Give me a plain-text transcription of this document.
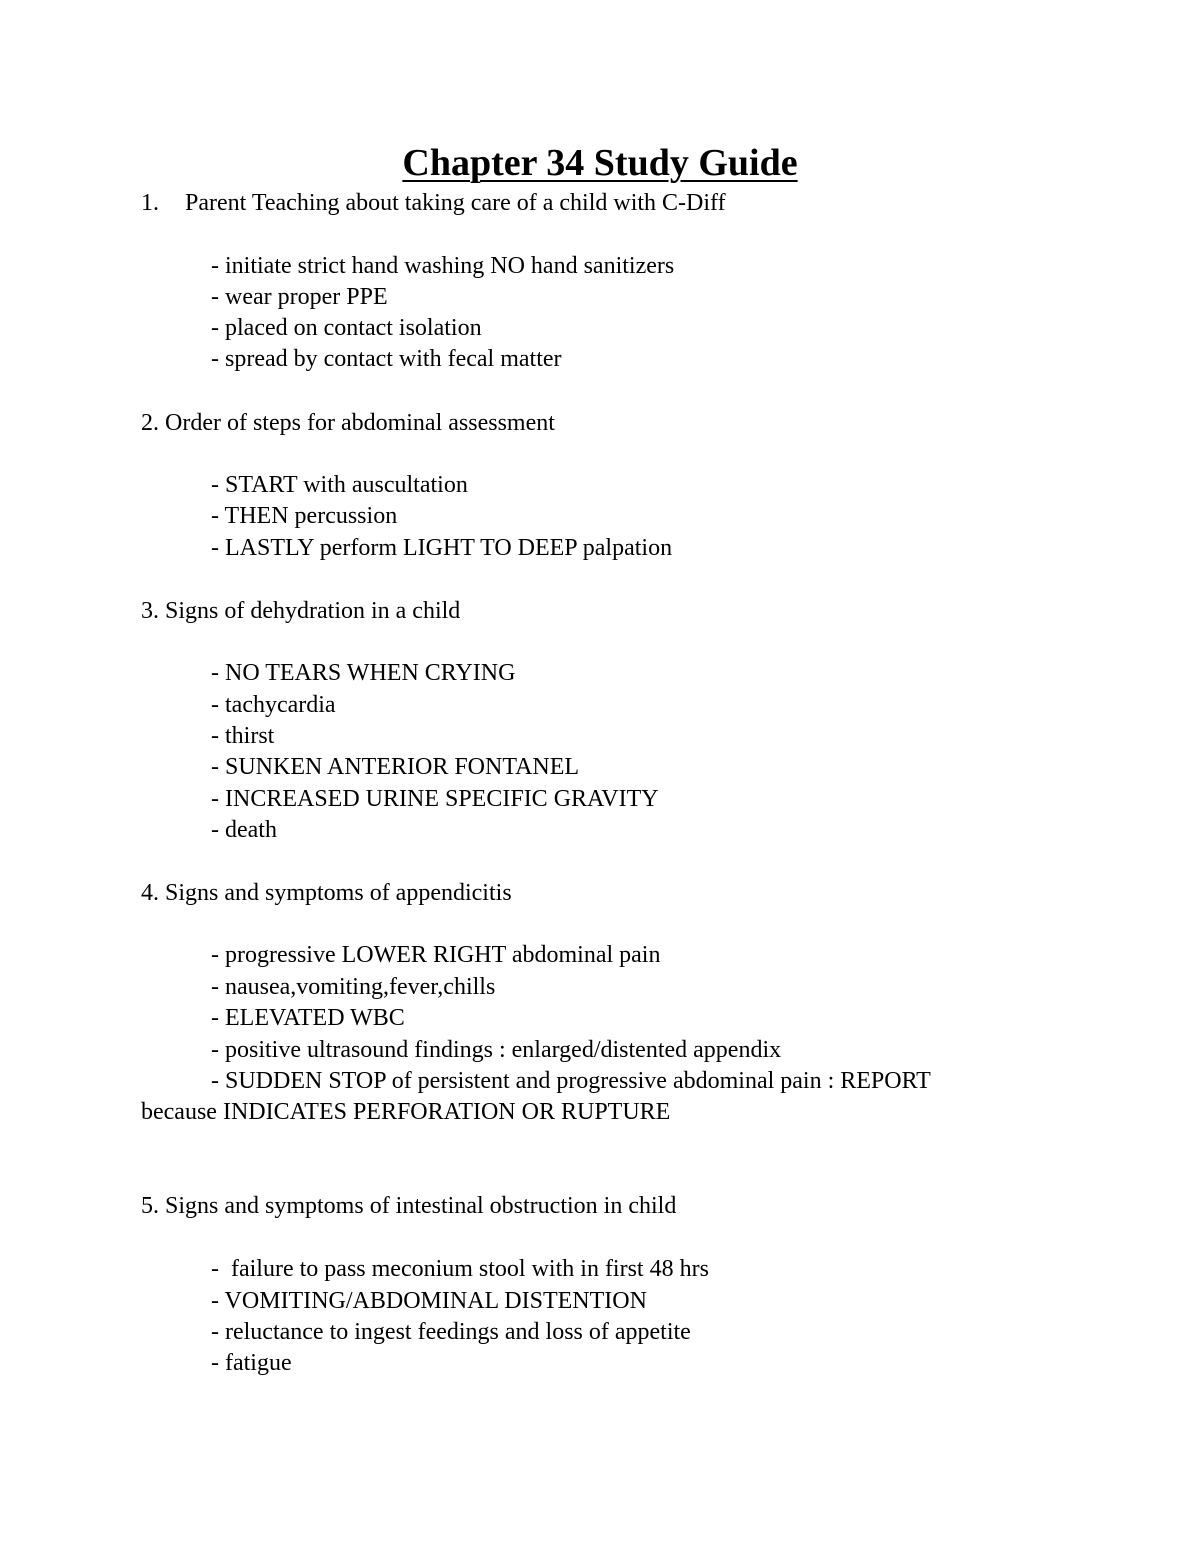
Chapter 34 Study Guide
1. Parent Teaching about taking care of a child with C-Diff
- initiate strict hand washing NO hand sanitizers
- wear proper PPE
- placed on contact isolation
- spread by contact with fecal matter
2. Order of steps for abdominal assessment
- START with auscultation
- THEN percussion
- LASTLY perform LIGHT TO DEEP palpation
3. Signs of dehydration in a child
- NO TEARS WHEN CRYING
- tachycardia
- thirst
- SUNKEN ANTERIOR FONTANEL
- INCREASED URINE SPECIFIC GRAVITY
- death
4. Signs and symptoms of appendicitis
- progressive LOWER RIGHT abdominal pain
- nausea,vomiting,fever,chills
- ELEVATED WBC
- positive ultrasound findings : enlarged/distented appendix
- SUDDEN STOP of persistent and progressive abdominal pain : REPORT
because INDICATES PERFORATION OR RUPTURE
5. Signs and symptoms of intestinal obstruction in child
-  failure to pass meconium stool with in first 48 hrs
- VOMITING/ABDOMINAL DISTENTION
- reluctance to ingest feedings and loss of appetite
- fatigue
